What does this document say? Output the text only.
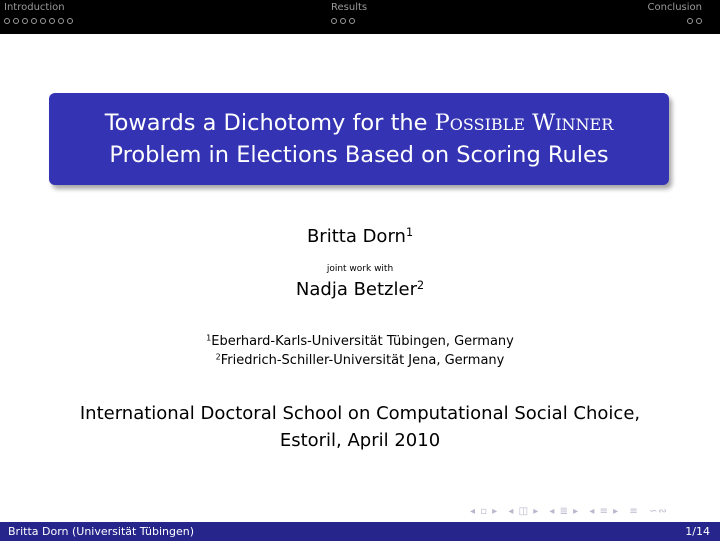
Introduction	Results	Conclusion
Towards a Dichotomy for the Possible Winner
Problem in Elections Based on Scoring Rules
Britta Dorn$^1$
joint work with
Nadja Betzler$^2$
$^1$Eberhard-Karls-Universität Tübingen, Germany
$^2$Friedrich-Schiller-Universität Jena, Germany
International Doctoral School on Computational Social Choice,
Estoril, April 2010
◂ ▫ ▸ ◂ ◫ ▸ ◂ ≣ ▸ ◂ ≡ ▸ ≡ ∽∾
Britta Dorn (Universität Tübingen)	1/14
